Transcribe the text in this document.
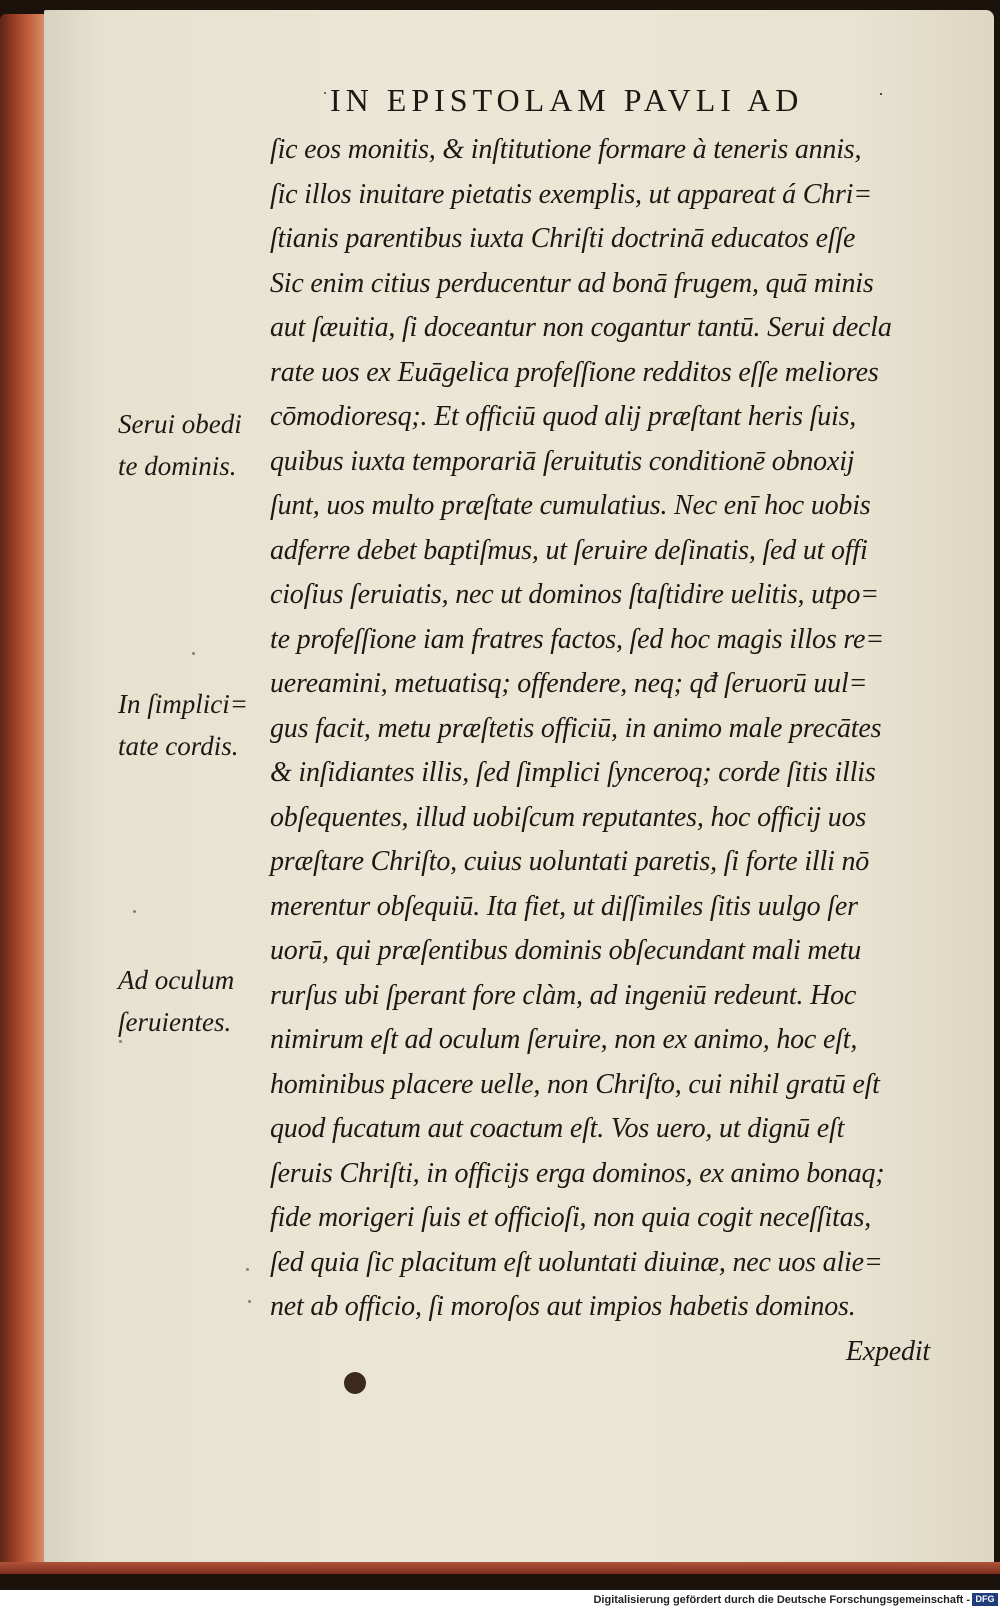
IN EPISTOLAM PAVLI AD
˙	·
ſic eos monitis, & inſtitutione formare à teneris annis,
ſic illos inuitare pietatis exemplis, ut appareat á Chri=
ſtianis parentibus iuxta Chriſti doctrinā educatos eſſe
Sic enim citius perducentur ad bonā frugem, quā minis
aut ſæuitia, ſi doceantur non cogantur tantū. Serui decla
rate uos ex Euāgelica profeſſione redditos eſſe meliores
cōmodioresq;. Et officiū quod alij præſtant heris ſuis,
quibus iuxta temporariā ſeruitutis conditionē obnoxij
ſunt, uos multo præſtate cumulatius. Nec enī hoc uobis
adferre debet baptiſmus, ut ſeruire deſinatis, ſed ut offi
cioſius ſeruiatis, nec ut dominos ſtaſtidire uelitis, utpo=
te profeſſione iam fratres factos, ſed hoc magis illos re=
uereamini, metuatisq; offendere, neq; qđ ſeruorū uul=
gus facit, metu præſtetis officiū, in animo male precātes
& inſidiantes illis, ſed ſimplici ſynceroq; corde ſitis illis
obſequentes, illud uobiſcum reputantes, hoc officij uos
præſtare Chriſto, cuius uoluntati paretis, ſi forte illi nō
merentur obſequiū. Ita fiet, ut diſſimiles ſitis uulgo ſer
uorū, qui præſentibus dominis obſecundant mali metu
rurſus ubi ſperant fore clàm, ad ingeniū redeunt. Hoc
nimirum eſt ad oculum ſeruire, non ex animo, hoc eſt,
hominibus placere uelle, non Chriſto, cui nihil gratū eſt
quod fucatum aut coactum eſt. Vos uero, ut dignū eſt
ſeruis Chriſti, in officijs erga dominos, ex animo bonaq;
fide morigeri ſuis et officioſi, non quia cogit neceſſitas,
ſed quia ſic placitum eſt uoluntati diuinæ, nec uos alie=
net ab officio, ſi moroſos aut impios habetis dominos.
Expedit
Serui obedi
te dominis.
In ſimplici=
tate cordis.
Ad oculum
ſeruientes.
Digitalisierung gefördert durch die Deutsche Forschungsgemeinschaft - DFG
